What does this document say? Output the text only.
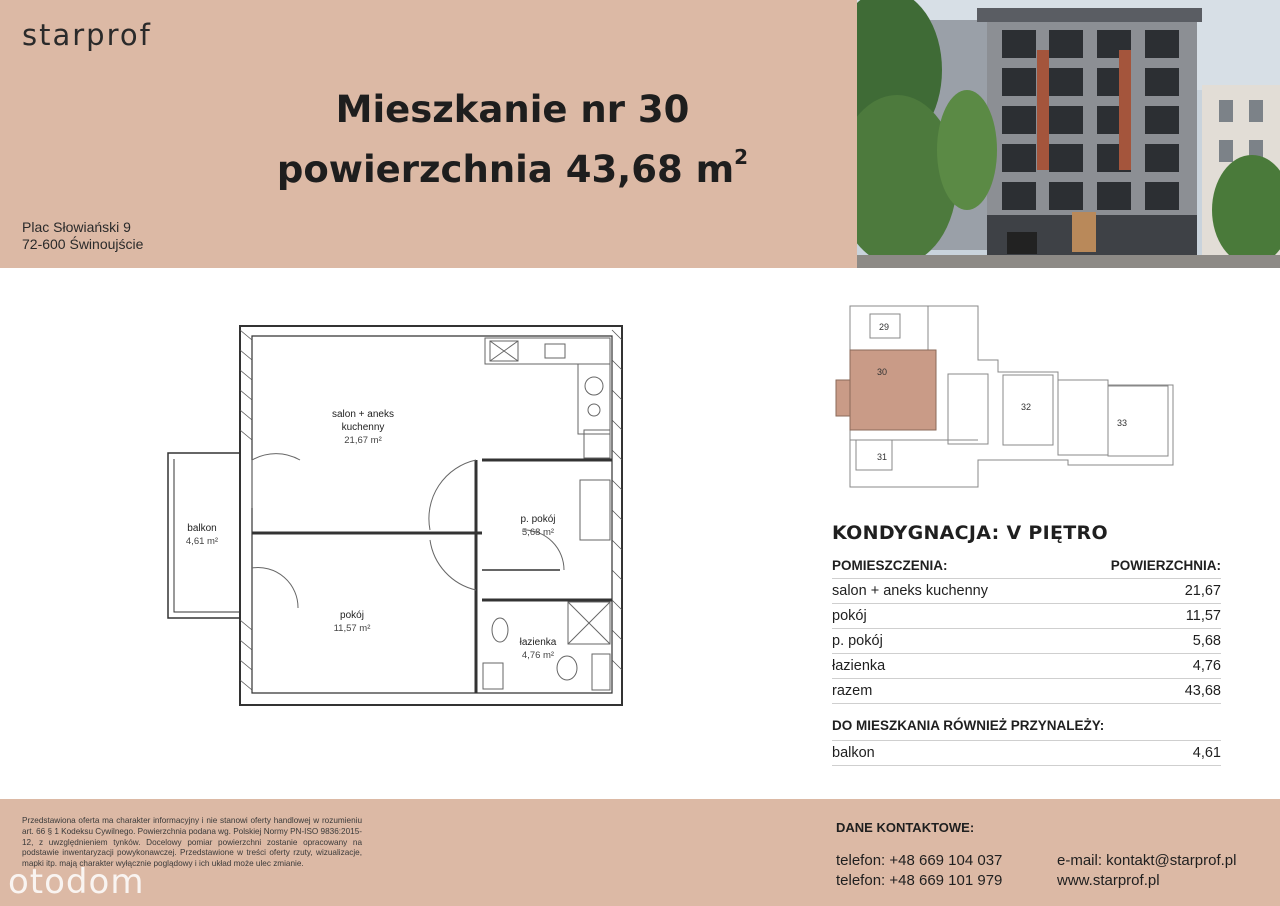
starprof
Mieszkanie nr 30
powierzchnia 43,68 $m^2$
Plac Słowiański 9
72-600 Świnoujście
salon + aneks
kuchenny
21,67 m²
balkon
4,61 m²
p. pokój
5,68 m²
pokój
11,57 m²
łazienka
4,76 m²
29
30
31
32
33
KONDYGNACJA: V PIĘTRO
POMIESZCZENIA:	POWIERZCHNIA:
salon + aneks kuchenny	21,67
pokój	11,57
p. pokój	5,68
łazienka	4,76
razem	43,68
DO MIESZKANIA RÓWNIEŻ PRZYNALEŻY:
balkon	4,61
Przedstawiona oferta ma charakter informacyjny i nie stanowi oferty handlowej w rozumieniu art. 66 § 1 Kodeksu Cywilnego. Powierzchnia podana wg. Polskiej Normy PN-ISO 9836:2015-12, z uwzględnieniem tynków. Docelowy pomiar powierzchni zostanie opracowany na podstawie inwentaryzacji powykonawczej. Przedstawione w treści oferty rzuty, wizualizacje, mapki itp. mają charakter wyłącznie poglądowy i ich układ może ulec zmianie.
DANE KONTAKTOWE:
telefon: +48 669 104 037
telefon: +48 669 101 979
e-mail: kontakt@starprof.pl
www.starprof.pl
otodom
